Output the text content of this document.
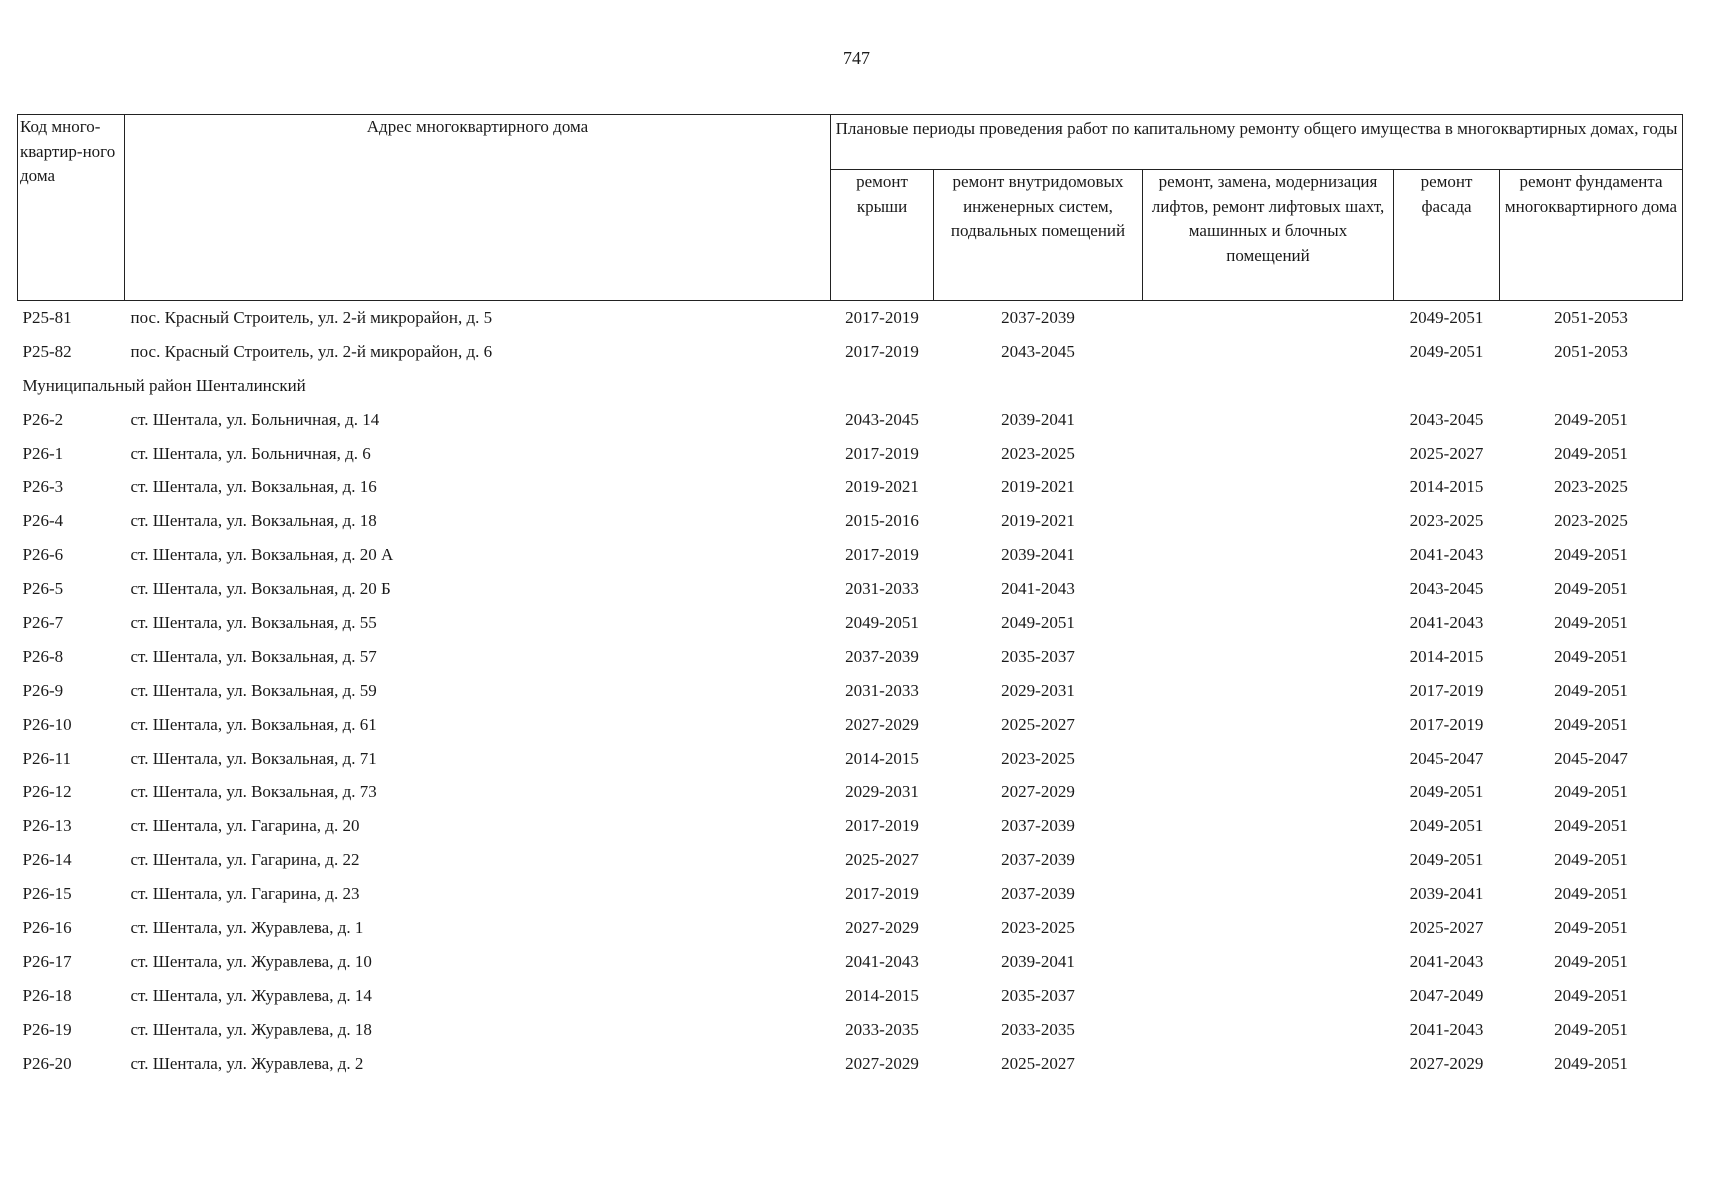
747
Код много-квартир-ного дома	Адрес многоквартирного дома	Плановые периоды проведения работ по капитальному ремонту общего имущества в многоквартирных домах, годы				
		ремонт крыши	ремонт внутридомовых инженерных систем, подвальных помещений	ремонт, замена, модернизация лифтов, ремонт лифтовых шахт, машинных и блочных помещений	ремонт фасада	ремонт фундамента многоквартирного дома
Р25-81	пос. Красный Строитель, ул. 2-й микрорайон, д. 5	2017-2019	2037-2039		2049-2051	2051-2053
Р25-82	пос. Красный Строитель, ул. 2-й микрорайон, д. 6	2017-2019	2043-2045		2049-2051	2051-2053
Муниципальный район Шенталинский						
Р26-2	ст. Шентала, ул. Больничная, д. 14	2043-2045	2039-2041		2043-2045	2049-2051
Р26-1	ст. Шентала, ул. Больничная, д. 6	2017-2019	2023-2025		2025-2027	2049-2051
Р26-3	ст. Шентала, ул. Вокзальная, д. 16	2019-2021	2019-2021		2014-2015	2023-2025
Р26-4	ст. Шентала, ул. Вокзальная, д. 18	2015-2016	2019-2021		2023-2025	2023-2025
Р26-6	ст. Шентала, ул. Вокзальная, д. 20 А	2017-2019	2039-2041		2041-2043	2049-2051
Р26-5	ст. Шентала, ул. Вокзальная, д. 20 Б	2031-2033	2041-2043		2043-2045	2049-2051
Р26-7	ст. Шентала, ул. Вокзальная, д. 55	2049-2051	2049-2051		2041-2043	2049-2051
Р26-8	ст. Шентала, ул. Вокзальная, д. 57	2037-2039	2035-2037		2014-2015	2049-2051
Р26-9	ст. Шентала, ул. Вокзальная, д. 59	2031-2033	2029-2031		2017-2019	2049-2051
Р26-10	ст. Шентала, ул. Вокзальная, д. 61	2027-2029	2025-2027		2017-2019	2049-2051
Р26-11	ст. Шентала, ул. Вокзальная, д. 71	2014-2015	2023-2025		2045-2047	2045-2047
Р26-12	ст. Шентала, ул. Вокзальная, д. 73	2029-2031	2027-2029		2049-2051	2049-2051
Р26-13	ст. Шентала, ул. Гагарина, д. 20	2017-2019	2037-2039		2049-2051	2049-2051
Р26-14	ст. Шентала, ул. Гагарина, д. 22	2025-2027	2037-2039		2049-2051	2049-2051
Р26-15	ст. Шентала, ул. Гагарина, д. 23	2017-2019	2037-2039		2039-2041	2049-2051
Р26-16	ст. Шентала, ул. Журавлева, д. 1	2027-2029	2023-2025		2025-2027	2049-2051
Р26-17	ст. Шентала, ул. Журавлева, д. 10	2041-2043	2039-2041		2041-2043	2049-2051
Р26-18	ст. Шентала, ул. Журавлева, д. 14	2014-2015	2035-2037		2047-2049	2049-2051
Р26-19	ст. Шентала, ул. Журавлева, д. 18	2033-2035	2033-2035		2041-2043	2049-2051
Р26-20	ст. Шентала, ул. Журавлева, д. 2	2027-2029	2025-2027		2027-2029	2049-2051
